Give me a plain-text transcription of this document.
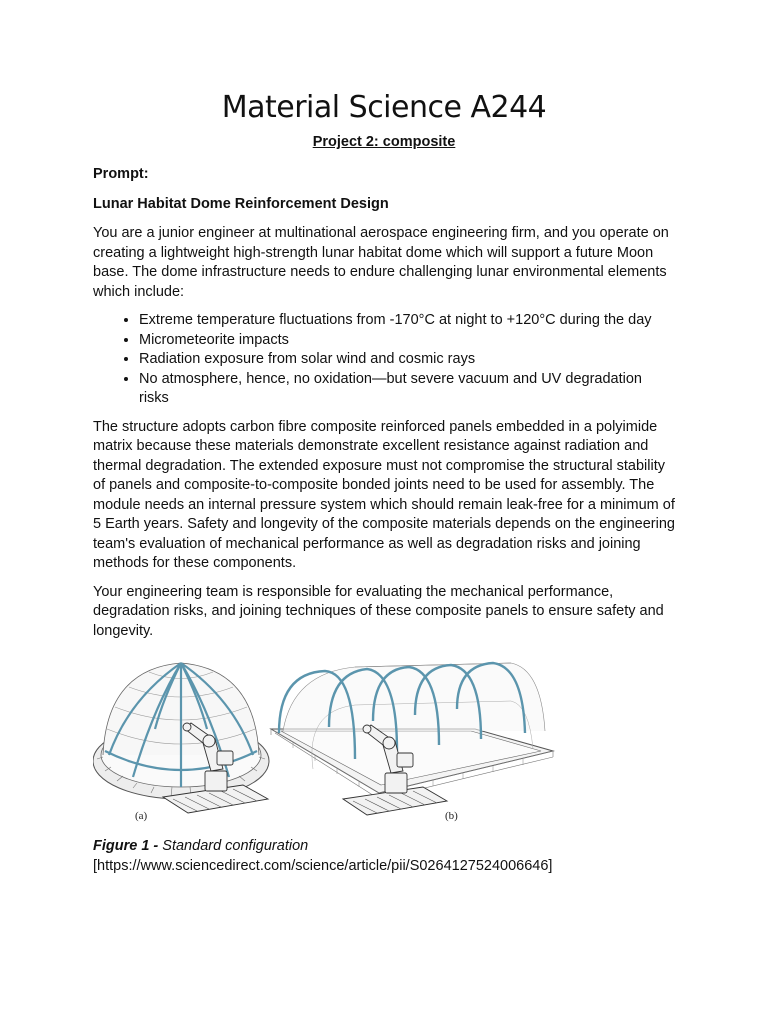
Material Science A244
Project 2: composite
Prompt:
Lunar Habitat Dome Reinforcement Design

You are a junior engineer at multinational aerospace engineering firm, and you operate on creating a lightweight high-strength lunar habitat dome which will support a future Moon base. The dome infrastructure needs to endure challenging lunar environmental elements which include:

• Extreme temperature fluctuations from -170°C at night to +120°C during the day
• Micrometeorite impacts
• Radiation exposure from solar wind and cosmic rays
• No atmosphere, hence, no oxidation—but severe vacuum and UV degradation risks

The structure adopts carbon fibre composite reinforced panels embedded in a polyimide matrix because these materials demonstrate excellent resistance against radiation and thermal degradation. The extended exposure must not compromise the structural stability of panels and composite-to-composite bonded joints need to be used for assembly. The module needs an internal pressure system which should remain leak-free for a minimum of 5 Earth years. Safety and longevity of the composite materials depends on the engineering team's evaluation of mechanical performance as well as degradation risks and joining methods for these components.

Your engineering team is responsible for evaluating the mechanical performance, degradation risks, and joining techniques of these composite panels to ensure safety and longevity.

(a)	(b)
Figure 1 - Standard configuration
[https://www.sciencedirect.com/science/article/pii/S0264127524006646]
